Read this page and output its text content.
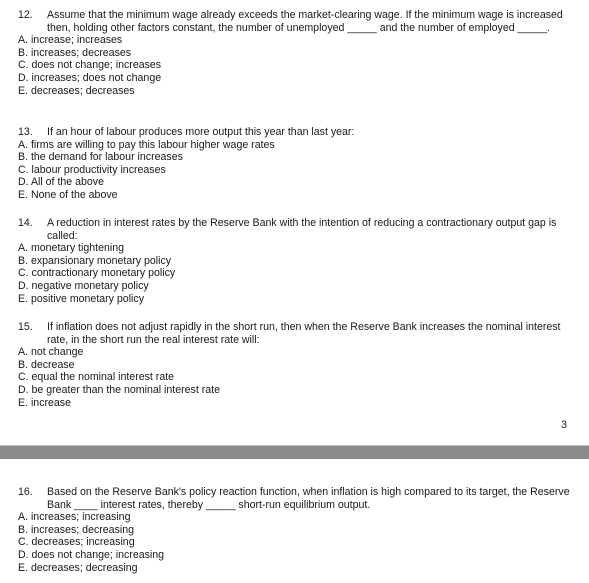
12. Assume that the minimum wage already exceeds the market-clearing wage. If the minimum wage is increased then, holding other factors constant, the number of unemployed _____ and the number of employed _____.
A. increase; increases
B. increases; decreases
C. does not change; increases
D. increases; does not change
E. decreases; decreases
13. If an hour of labour produces more output this year than last year:
A. firms are willing to pay this labour higher wage rates
B. the demand for labour increases
C. labour productivity increases
D. All of the above
E. None of the above
14. A reduction in interest rates by the Reserve Bank with the intention of reducing a contractionary output gap is called:
A. monetary tightening
B. expansionary monetary policy
C. contractionary monetary policy
D. negative monetary policy
E. positive monetary policy
15. If inflation does not adjust rapidly in the short run, then when the Reserve Bank increases the nominal interest rate, in the short run the real interest rate will:
A. not change
B. decrease
C. equal the nominal interest rate
D. be greater than the nominal interest rate
E. increase
3
16. Based on the Reserve Bank's policy reaction function, when inflation is high compared to its target, the Reserve Bank ____ interest rates, thereby _____ short-run equilibrium output.
A. increases; increasing
B. increases; decreasing
C. decreases; increasing
D. does not change; increasing
E. decreases; decreasing
